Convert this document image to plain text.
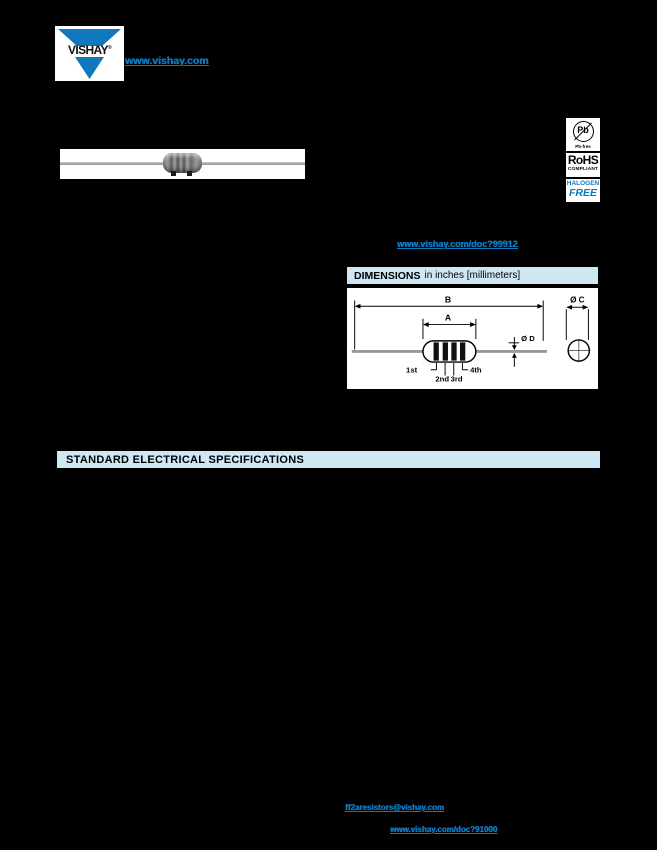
VISHAY®
www.vishay.com
Pb
Pb-free
RoHS
COMPLIANT
HALOGEN
FREE
www.vishay.com/doc?99912
DIMENSIONS in inches [millimeters]
B
A
Ø D
Ø C
1st
2nd 3rd
4th
STANDARD ELECTRICAL SPECIFICATIONS
ff2aresistors@vishay.com
www.vishay.com/doc?91000
